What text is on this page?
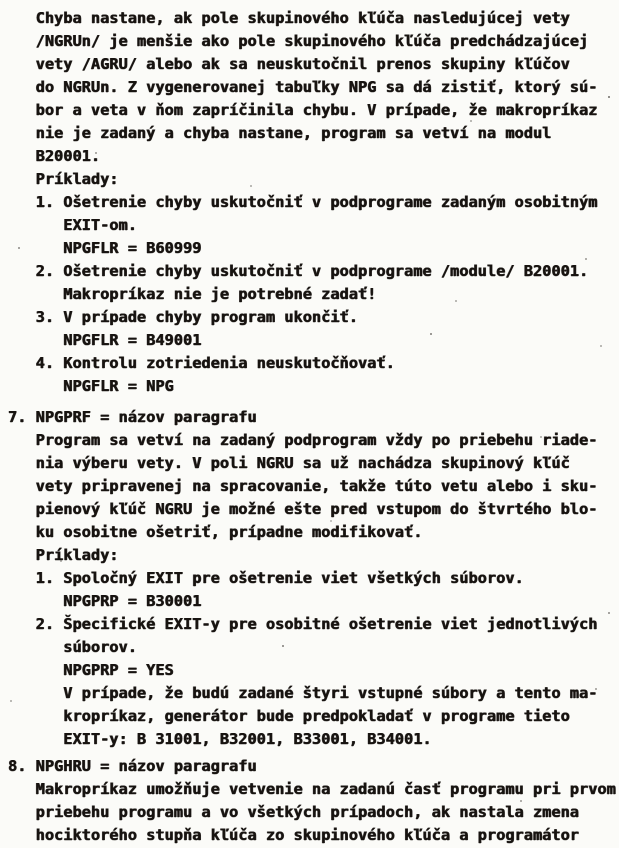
Chyba nastane, ak pole skupinového kľúča nasledujúcej vety
/NGRUn/ je menšie ako pole skupinového kľúča predchádzajúcej
vety /AGRU/ alebo ak sa neuskutočnil prenos skupiny kľúčov
do NGRUn. Z vygenerovanej tabuľky NPG sa dá zistiť, ktorý sú-
bor a veta v ňom zapríčinila chybu. V prípade, že makropríkaz
nie je zadaný a chyba nastane, program sa vetví na modul
B20001.
Príklady:
1. Ošetrenie chyby uskutočniť v podprograme zadaným osobitným
EXIT-om.
NPGFLR = B60999
2. Ošetrenie chyby uskutočniť v podprograme /module/ B20001.
Makropríkaz nie je potrebné zadať!
3. V prípade chyby program ukončiť.
NPGFLR = B49001
4. Kontrolu zotriedenia neuskutočňovať.
NPGFLR = NPG
7. NPGPRF = názov paragrafu
Program sa vetví na zadaný podprogram vždy po priebehu riade-
nia výberu vety. V poli NGRU sa už nachádza skupinový kľúč
vety pripravenej na spracovanie, takže túto vetu alebo i sku-
pienový kľúč NGRU je možné ešte pred vstupom do štvrtého blo-
ku osobitne ošetriť, prípadne modifikovať.
Príklady:
1. Spoločný EXIT pre ošetrenie viet všetkých súborov.
NPGPRP = B30001
2. Špecifické EXIT-y pre osobitné ošetrenie viet jednotlivých
súborov.
NPGPRP = YES
V prípade, že budú zadané štyri vstupné súbory a tento ma-
kropríkaz, generátor bude predpokladať v programe tieto
EXIT-y: B 31001, B32001, B33001, B34001.
8. NPGHRU = názov paragrafu
Makropríkaz umožňuje vetvenie na zadanú časť programu pri prvom
priebehu programu a vo všetkých prípadoch, ak nastala zmena
hociktorého stupňa kľúča zo skupinového kľúča a programátor
